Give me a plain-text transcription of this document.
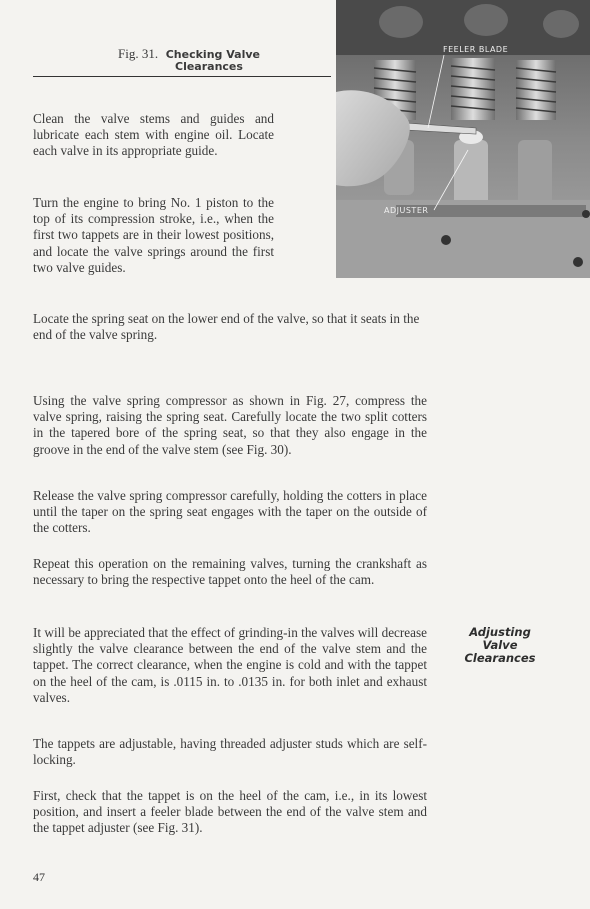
Fig. 31. Checking Valve
Clearances
FEELER BLADE
ADJUSTER

Clean the valve stems and guides and lubricate each stem with engine oil. Locate each valve in its appropriate guide.

Turn the engine to bring No. 1 piston to the top of its compression stroke, i.e., when the first two tappets are in their lowest positions, and locate the valve springs around the first two valve guides.

Locate the spring seat on the lower end of the valve, so that it seats in the end of the valve spring.

Using the valve spring compressor as shown in Fig. 27, compress the valve spring, raising the spring seat. Carefully locate the two split cotters in the tapered bore of the spring seat, so that they also engage in the groove in the end of the valve stem (see Fig. 30).

Release the valve spring compressor carefully, holding the cotters in place until the taper on the spring seat engages with the taper on the outside of the cotters.

Repeat this operation on the remaining valves, turning the crankshaft as necessary to bring the respective tappet onto the heel of the cam.

It will be appreciated that the effect of grinding-in the valves will decrease slightly the valve clearance between the end of the valve stem and the tappet. The correct clearance, when the engine is cold and with the tappet on the heel of the cam, is .0115 in. to .0135 in. for both inlet and exhaust valves.

The tappets are adjustable, having threaded adjuster studs which are self-locking.

First, check that the tappet is on the heel of the cam, i.e., in its lowest position, and insert a feeler blade between the end of the valve stem and the tappet adjuster (see Fig. 31).

Adjusting
Valve
Clearances
47
